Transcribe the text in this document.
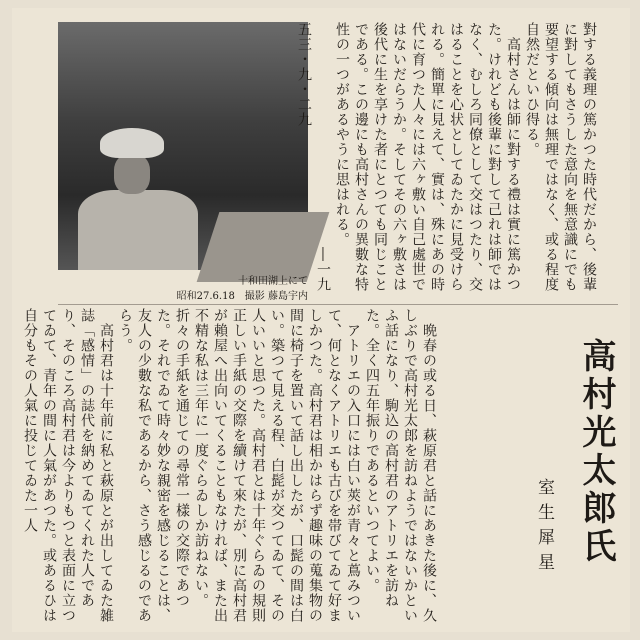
十和田湖上にて
昭和27.6.18　撮影 藤島宇内
對する義理の篤かつた時代だから、後輩に對してもさうした意向を無意識にでも要望する傾向は無理ではなく、或る程度自然だといひ得る。
　高村さんは師に對する禮は實に篤かつた。けれども後輩に對して己れは師ではなく、むしろ同僚として交はつたり、交はることを心状としてゐたかに見受けられる。簡單に見えて、實は、殊にあの時代に育つた人々には六ヶ敷い自己處世ではないだらうか。そしてその六ヶ敷さは後代に生を享けた者にとつても同じことである。この邊にも高村さんの異數な特性の一つがあるやうに思はれる。
　　　　　　　　　　　　　　　―一九五三・九・二九
高村光太郎氏
室生犀星
　晩春の或る日、萩原君と話にあきた後に、久しぶりで高村光太郎を訪ねようではないかといふ話になり、駒込の高村君のアトリエを訪ねた。全く四五年振りであるといつてよい。
　アトリエの入口には白い莢が青々と蔦みついて、何となくアトリエも古びを帯びてゐて好ましかつた。高村君は相かはらず趣味の蒐集物の間に椅子を置いて話し出したが、口髭の間は白い。築つて見える程、白髭が交つてゐて、その人いいと思つた。高村君とは十年ぐらゐの規則正しい手紙の交際を續けて來たが、別に高村君が賴屋へ出向いてくることもなければ、また出不精な私は三年に一度ぐらゐしか訪ねない。折々の手紙を通じての尋常一樣の交際であつた。それでゐて時々妙な親密を感じることは、友人の少數な私であるから、さう感じるのであらう。
　高村君は十年前に私と萩原とが出してゐた雑誌「感情」の誌代を納めてゐてくれた人であり、そのころ高村君は今よりもつと表面に立つてゐて、青年の間に人氣があつた。或あるひは自分もその人氣に投じてゐた一人
